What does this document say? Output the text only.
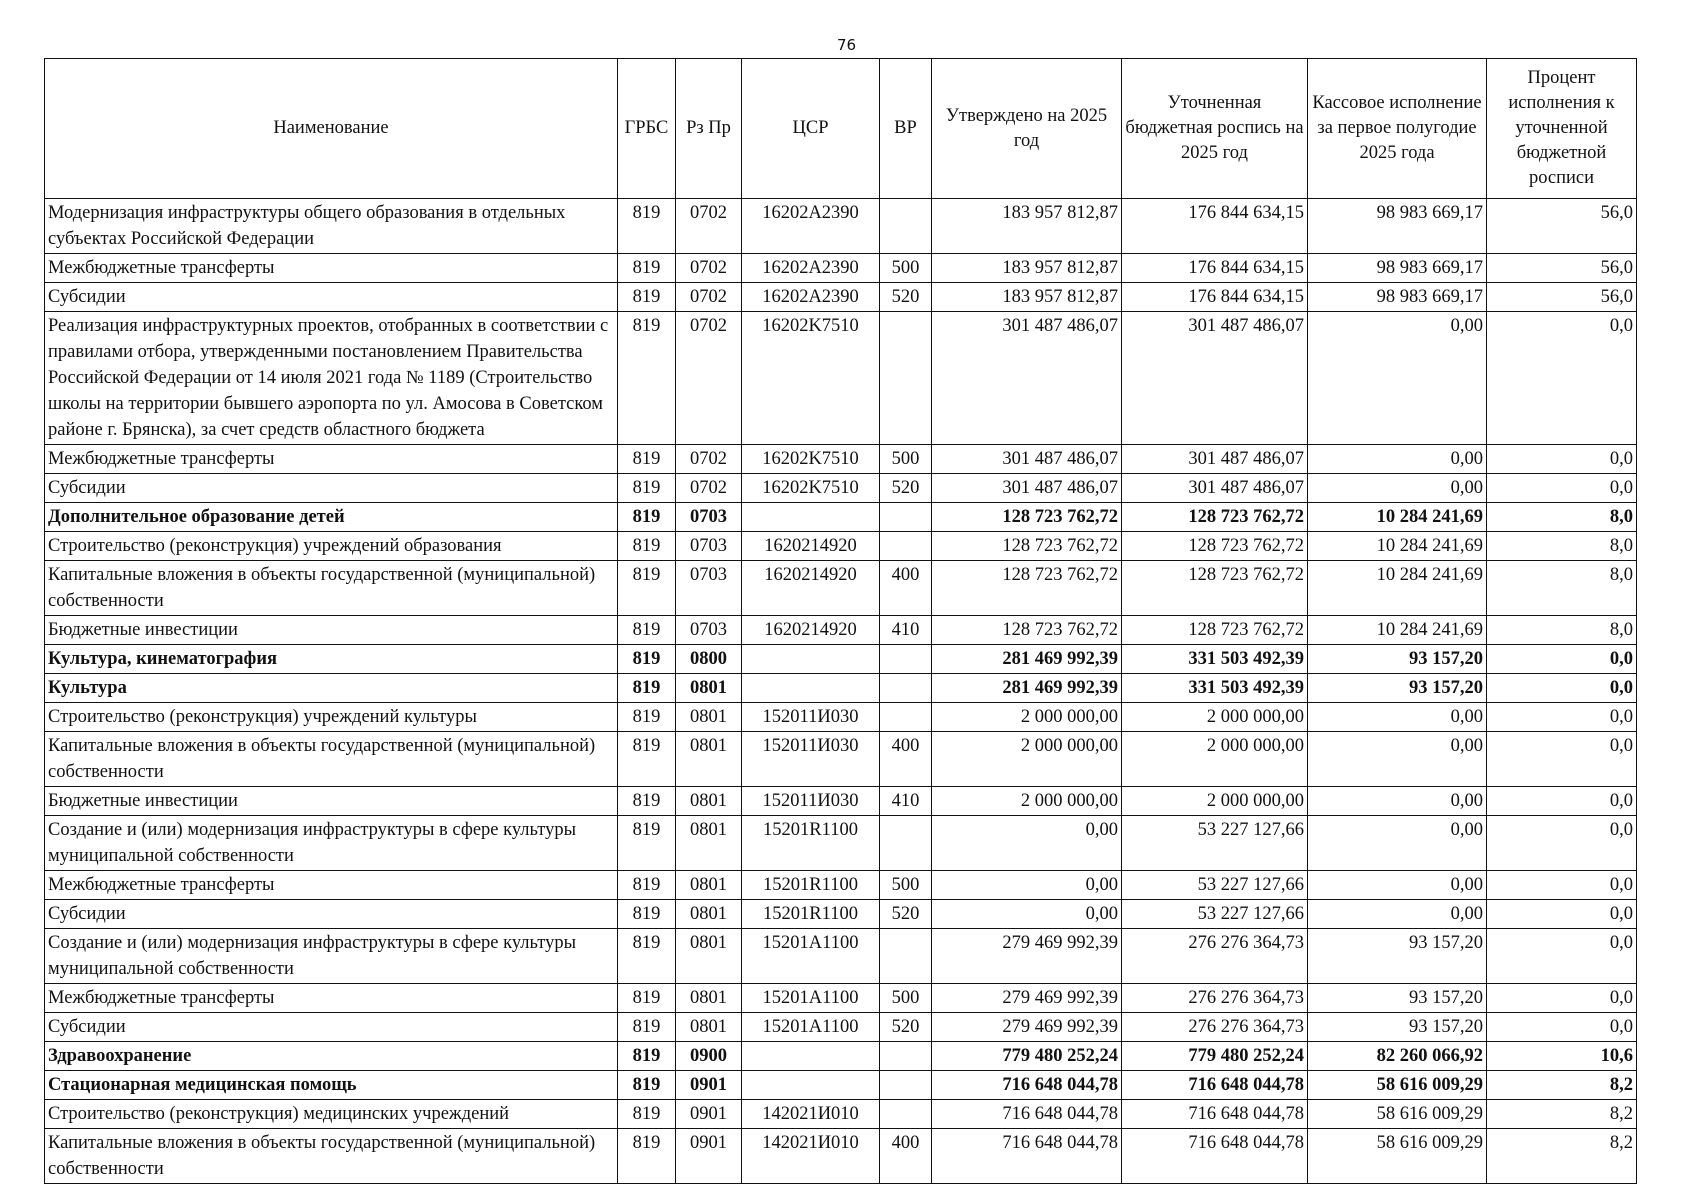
76
Наименование	ГРБС	Рз Пр	ЦСР	ВР	Утверждено на 2025 год	Уточненная бюджетная роспись на 2025 год	Кассовое исполнение за первое полугодие 2025 года	Процент исполнения к уточненной бюджетной росписи
Модернизация инфраструктуры общего образования в отдельных субъектах Российской Федерации	819	0702	16202A2390		183 957 812,87	176 844 634,15	98 983 669,17	56,0
Межбюджетные трансферты	819	0702	16202A2390	500	183 957 812,87	176 844 634,15	98 983 669,17	56,0
Субсидии	819	0702	16202A2390	520	183 957 812,87	176 844 634,15	98 983 669,17	56,0
Реализация инфраструктурных проектов, отобранных в соответствии с правилами отбора, утвержденными постановлением Правительства Российской Федерации от 14 июля 2021 года № 1189 (Строительство школы на территории бывшего аэропорта по ул. Амосова в Советском районе г. Брянска), за счет средств областного бюджета	819	0702	16202K7510		301 487 486,07	301 487 486,07	0,00	0,0
Межбюджетные трансферты	819	0702	16202K7510	500	301 487 486,07	301 487 486,07	0,00	0,0
Субсидии	819	0702	16202K7510	520	301 487 486,07	301 487 486,07	0,00	0,0
Дополнительное образование детей	819	0703			128 723 762,72	128 723 762,72	10 284 241,69	8,0
Строительство (реконструкция) учреждений образования	819	0703	1620214920		128 723 762,72	128 723 762,72	10 284 241,69	8,0
Капитальные вложения в объекты государственной (муниципальной) собственности	819	0703	1620214920	400	128 723 762,72	128 723 762,72	10 284 241,69	8,0
Бюджетные инвестиции	819	0703	1620214920	410	128 723 762,72	128 723 762,72	10 284 241,69	8,0
Культура, кинематография	819	0800			281 469 992,39	331 503 492,39	93 157,20	0,0
Культура	819	0801			281 469 992,39	331 503 492,39	93 157,20	0,0
Строительство (реконструкция) учреждений культуры	819	0801	152011И030		2 000 000,00	2 000 000,00	0,00	0,0
Капитальные вложения в объекты государственной (муниципальной) собственности	819	0801	152011И030	400	2 000 000,00	2 000 000,00	0,00	0,0
Бюджетные инвестиции	819	0801	152011И030	410	2 000 000,00	2 000 000,00	0,00	0,0
Создание и (или) модернизация инфраструктуры в сфере культуры муниципальной собственности	819	0801	15201R1100		0,00	53 227 127,66	0,00	0,0
Межбюджетные трансферты	819	0801	15201R1100	500	0,00	53 227 127,66	0,00	0,0
Субсидии	819	0801	15201R1100	520	0,00	53 227 127,66	0,00	0,0
Создание и (или) модернизация инфраструктуры в сфере культуры муниципальной собственности	819	0801	15201A1100		279 469 992,39	276 276 364,73	93 157,20	0,0
Межбюджетные трансферты	819	0801	15201A1100	500	279 469 992,39	276 276 364,73	93 157,20	0,0
Субсидии	819	0801	15201A1100	520	279 469 992,39	276 276 364,73	93 157,20	0,0
Здравоохранение	819	0900			779 480 252,24	779 480 252,24	82 260 066,92	10,6
Стационарная медицинская помощь	819	0901			716 648 044,78	716 648 044,78	58 616 009,29	8,2
Строительство (реконструкция) медицинских учреждений	819	0901	142021И010		716 648 044,78	716 648 044,78	58 616 009,29	8,2
Капитальные вложения в объекты государственной (муниципальной) собственности	819	0901	142021И010	400	716 648 044,78	716 648 044,78	58 616 009,29	8,2
